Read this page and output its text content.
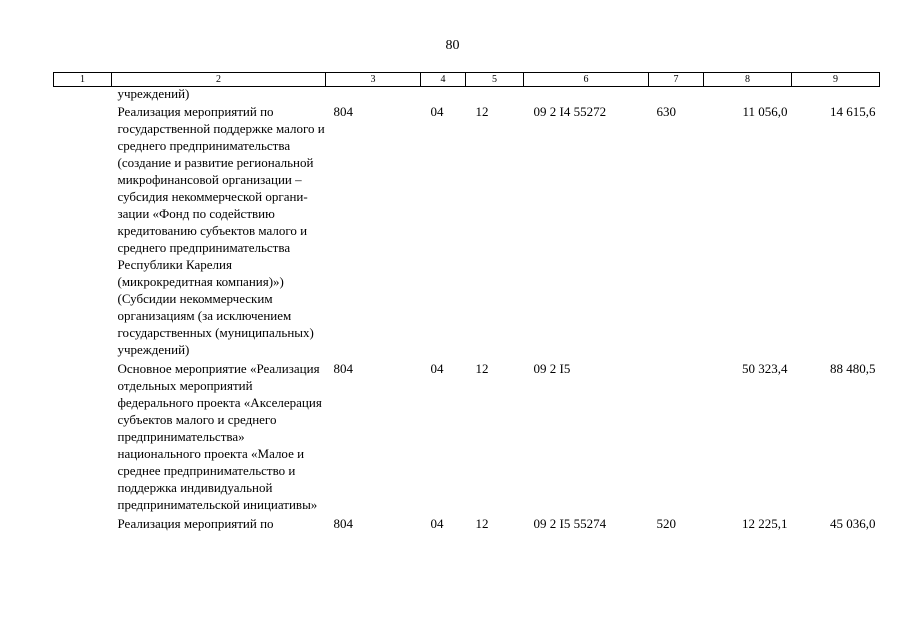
80
1	2	3	4	5	6	7	8	9
учреждений)								
Реализация мероприятий по государственной поддержке малого и среднего предпринимательства (создание и развитие региональной микрофинансовой организации – субсидия некоммерческой организации «Фонд по содействию кредитованию субъектов малого и среднего предпринимательства Республики Карелия (микрокредитная компания)») (Субсидии некоммерческим организациям (за исключением государственных (муниципальных) учреждений)		804	04	12	09 2 I4 55272	630	11 056,0	14 615,6
Основное мероприятие «Реализация отдельных мероприятий федерального проекта «Акселерация субъектов малого и среднего предпринимательства» национального проекта «Малое и среднее предпринимательство и поддержка индивидуальной предпринимательской инициативы»		804	04	12	09 2 I5		50 323,4	88 480,5
Реализация мероприятий по		804	04	12	09 2 I5 55274	520	12 225,1	45 036,0
